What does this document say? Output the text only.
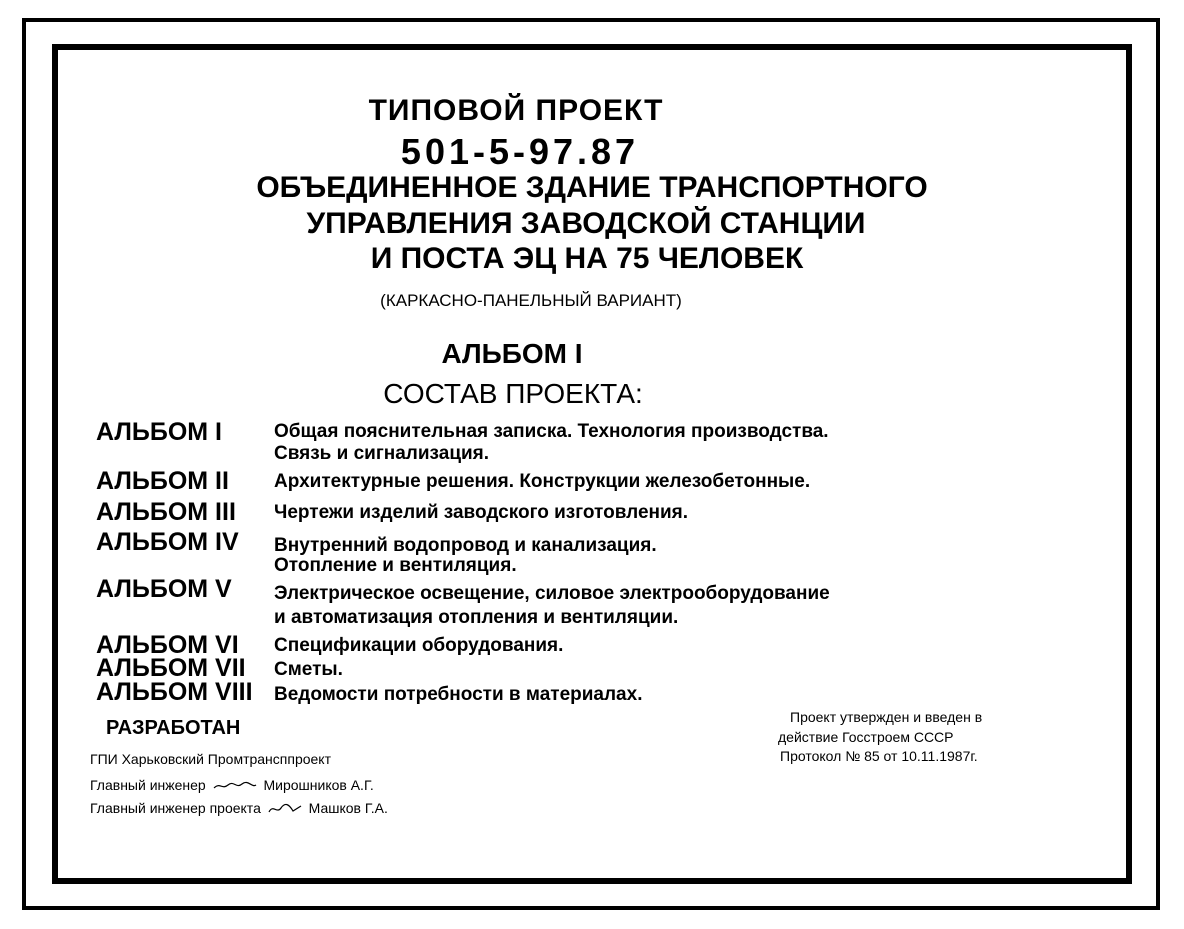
ТИПОВОЙ ПРОЕКТ
501-5-97.87
ОБЪЕДИНЕННОЕ ЗДАНИЕ ТРАНСПОРТНОГО
УПРАВЛЕНИЯ ЗАВОДСКОЙ СТАНЦИИ
И ПОСТА ЭЦ НА 75 ЧЕЛОВЕК
(КАРКАСНО-ПАНЕЛЬНЫЙ ВАРИАНТ)
АЛЬБОМ I
СОСТАВ ПРОЕКТА:
АЛЬБОМ I	Общая пояснительная записка. Технология производства.
Связь и сигнализация.
АЛЬБОМ II Архитектурные решения. Конструкции железобетонные.
АЛЬБОМ III Чертежи изделий заводского изготовления.
АЛЬБОМ IV Внутренний водопровод и канализация.
Отопление и вентиляция.
АЛЬБОМ V Электрическое освещение, силовое электрооборудование
и автоматизация отопления и вентиляции.
АЛЬБОМ VI Спецификации оборудования.
АЛЬБОМ VII Сметы.
АЛЬБОМ VIII Ведомости потребности в материалах.
РАЗРАБОТАН
ГПИ Харьковский Промтрансппроект
Главный инженер	Мирошников А.Г.
Главный инженер проекта	Машков Г.А.
Проект утвержден и введен в
действие Госстроем СССР
Протокол № 85 от 10.11.1987г.
